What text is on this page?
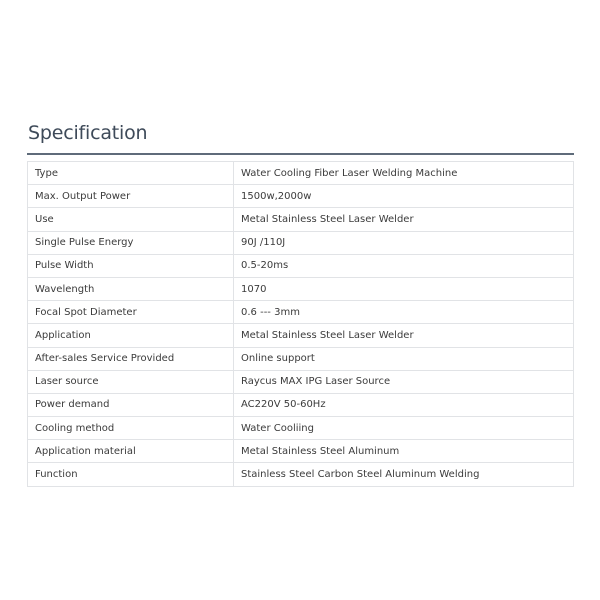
Specification
Type	Water Cooling Fiber Laser Welding Machine
Max. Output Power	1500w,2000w
Use	Metal Stainless Steel Laser Welder
Single Pulse Energy	90J /110J
Pulse Width	0.5-20ms
Wavelength	1070
Focal Spot Diameter	0.6 --- 3mm
Application	Metal Stainless Steel Laser Welder
After-sales Service Provided	Online support
Laser source	Raycus MAX IPG Laser Source
Power demand	AC220V 50-60Hz
Cooling method	Water Cooliing
Application material	Metal Stainless Steel Aluminum
Function	Stainless Steel Carbon Steel Aluminum Welding
